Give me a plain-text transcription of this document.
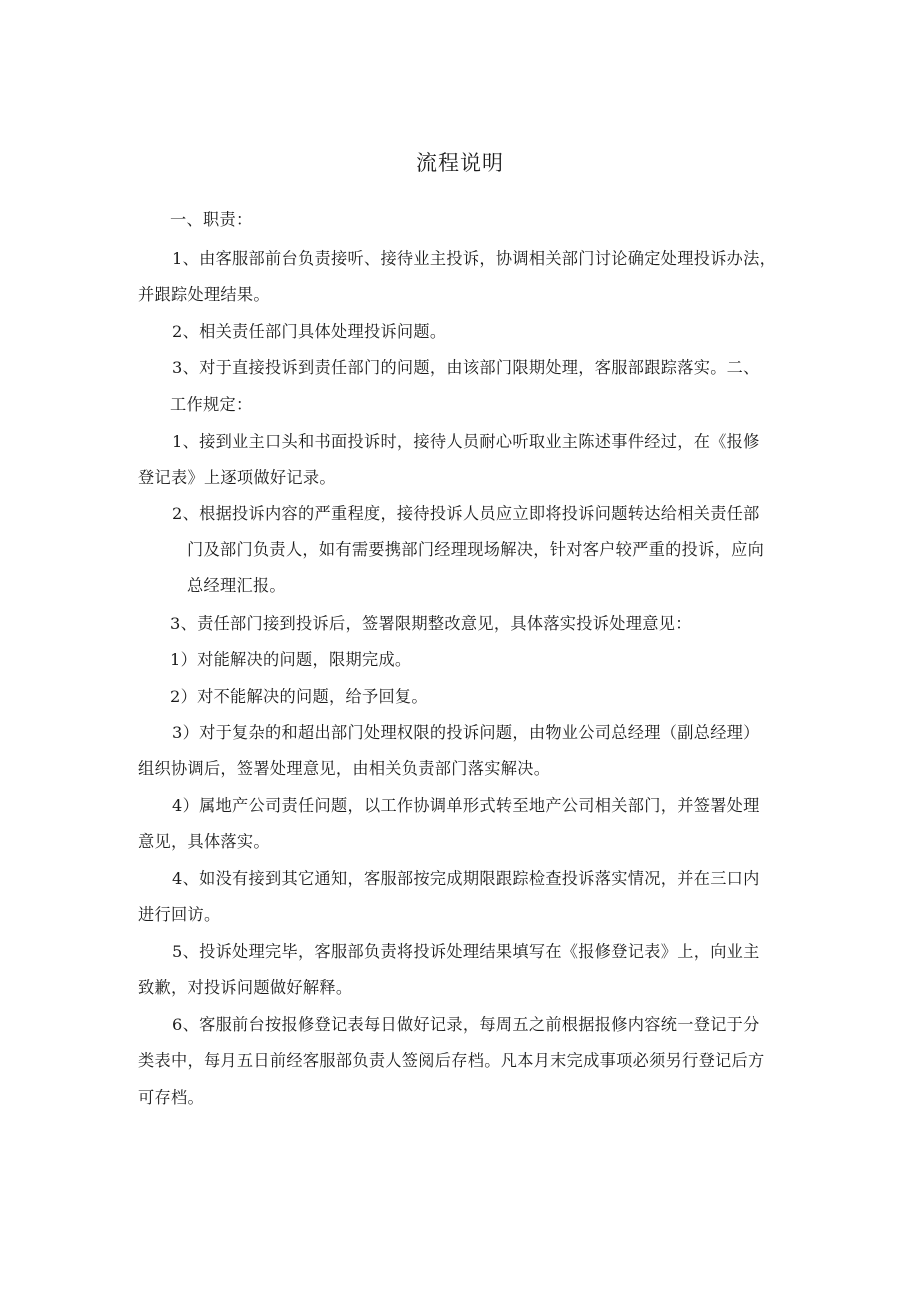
流程说明
一、职责：
1、由客服部前台负责接听、接待业主投诉，协调相关部门讨论确定处理投诉办法，
并跟踪处理结果。
2、相关责任部门具体处理投诉问题。
3、对于直接投诉到责任部门的问题，由该部门限期处理，客服部跟踪落实。二、
工作规定：
1、接到业主口头和书面投诉时，接待人员耐心听取业主陈述事件经过，在《报修
登记表》上逐项做好记录。
2、根据投诉内容的严重程度，接待投诉人员应立即将投诉问题转达给相关责任部
门及部门负责人，如有需要携部门经理现场解决，针对客户较严重的投诉，应向
总经理汇报。
3、责任部门接到投诉后，签署限期整改意见，具体落实投诉处理意见：
1）对能解决的问题，限期完成。
2）对不能解决的问题，给予回复。
3）对于复杂的和超出部门处理权限的投诉问题，由物业公司总经理（副总经理）
组织协调后，签署处理意见，由相关负责部门落实解决。
4）属地产公司责任问题，以工作协调单形式转至地产公司相关部门，并签署处理
意见，具体落实。
4、如没有接到其它通知，客服部按完成期限跟踪检查投诉落实情况，并在三口内
进行回访。
5、投诉处理完毕，客服部负责将投诉处理结果填写在《报修登记表》上，向业主
致歉，对投诉问题做好解释。
6、客服前台按报修登记表每日做好记录，每周五之前根据报修内容统一登记于分
类表中，每月五日前经客服部负责人签阅后存档。凡本月末完成事项必须另行登记后方
可存档。
